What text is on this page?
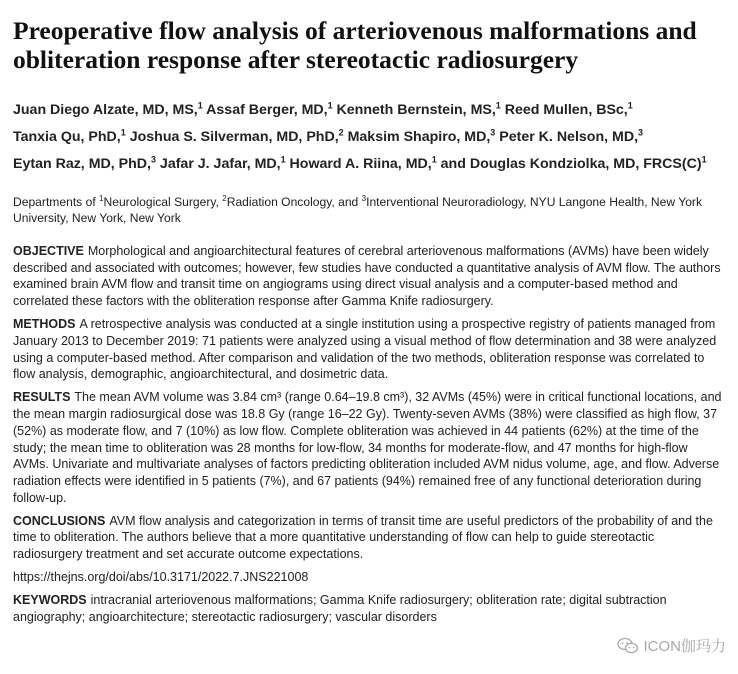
Preoperative flow analysis of arteriovenous malformations and obliteration response after stereotactic radiosurgery
Juan Diego Alzate, MD, MS,$^1$ Assaf Berger, MD,$^1$ Kenneth Bernstein, MS,$^1$ Reed Mullen, BSc,$^1$
Tanxia Qu, PhD,$^1$ Joshua S. Silverman, MD, PhD,$^2$ Maksim Shapiro, MD,$^3$ Peter K. Nelson, MD,$^3$
Eytan Raz, MD, PhD,$^3$ Jafar J. Jafar, MD,$^1$ Howard A. Riina, MD,$^1$ and Douglas Kondziolka, MD, $FRCS(C)^1$
Departments of $^1$Neurological Surgery, $^2$Radiation Oncology, and $^3$Interventional Neuroradiology, NYU Langone Health, New York University, New York, New York

OBJECTIVE Morphological and angioarchitectural features of cerebral arteriovenous malformations (AVMs) have been widely described and associated with outcomes; however, few studies have conducted a quantitative analysis of AVM flow. The authors examined brain AVM flow and transit time on angiograms using direct visual analysis and a computer-based method and correlated these factors with the obliteration response after Gamma Knife radiosurgery.

METHODS A retrospective analysis was conducted at a single institution using a prospective registry of patients managed from January 2013 to December 2019: 71 patients were analyzed using a visual method of flow determination and 38 were analyzed using a computer-based method. After comparison and validation of the two methods, obliteration response was correlated to flow analysis, demographic, angioarchitectural, and dosimetric data.

RESULTS The mean AVM volume was 3.84 cm³ (range 0.64–19.8 cm³), 32 AVMs (45%) were in critical functional locations, and the mean margin radiosurgical dose was 18.8 Gy (range 16–22 Gy). Twenty-seven AVMs (38%) were classified as high flow, 37 (52%) as moderate flow, and 7 (10%) as low flow. Complete obliteration was achieved in 44 patients (62%) at the time of the study; the mean time to obliteration was 28 months for low-flow, 34 months for moderate-flow, and 47 months for high-flow AVMs. Univariate and multivariate analyses of factors predicting obliteration included AVM nidus volume, age, and flow. Adverse radiation effects were identified in 5 patients (7%), and 67 patients (94%) remained free of any functional deterioration during follow-up.

CONCLUSIONS AVM flow analysis and categorization in terms of transit time are useful predictors of the probability of and the time to obliteration. The authors believe that a more quantitative understanding of flow can help to guide stereotactic radiosurgery treatment and set accurate outcome expectations.

https://thejns.org/doi/abs/10.3171/2022.7.JNS221008

KEYWORDS intracranial arteriovenous malformations; Gamma Knife radiosurgery; obliteration rate; digital subtraction angiography; angioarchitecture; stereotactic radiosurgery; vascular disorders

ICON伽玛力
